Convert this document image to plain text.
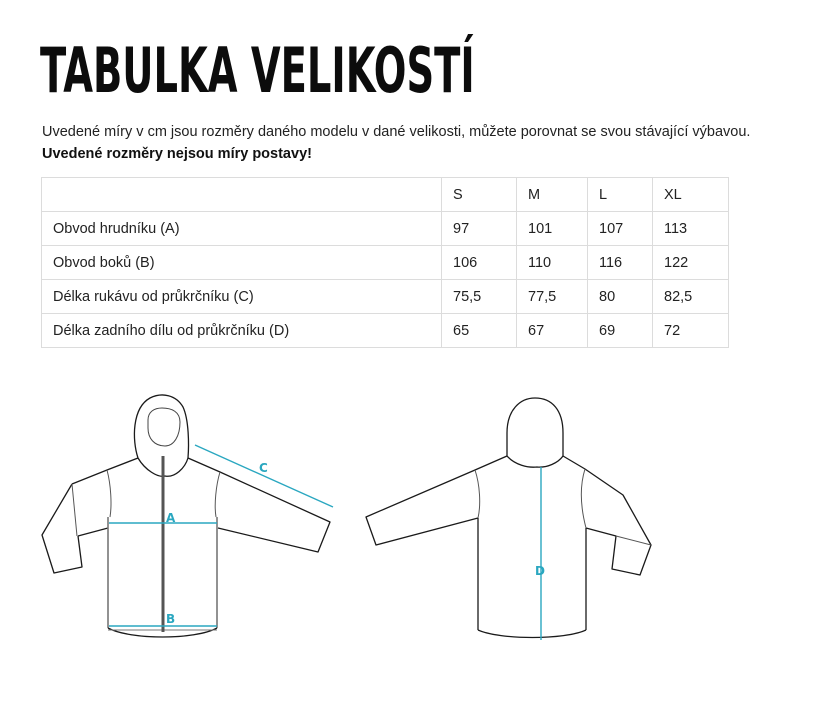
TABULKA VELIKOSTÍ
Uvedené míry v cm jsou rozměry daného modelu v dané velikosti, můžete porovnat se svou stávající výbavou.
Uvedené rozměry nejsou míry postavy!
	S	M	L	XL
Obvod hrudníku (A)	97	101	107	113
Obvod boků (B)	106	110	116	122
Délka rukávu od průkrčníku (C)	75,5	77,5	80	82,5
Délka zadního dílu od průkrčníku (D)	65	67	69	72
A
B
C
D
